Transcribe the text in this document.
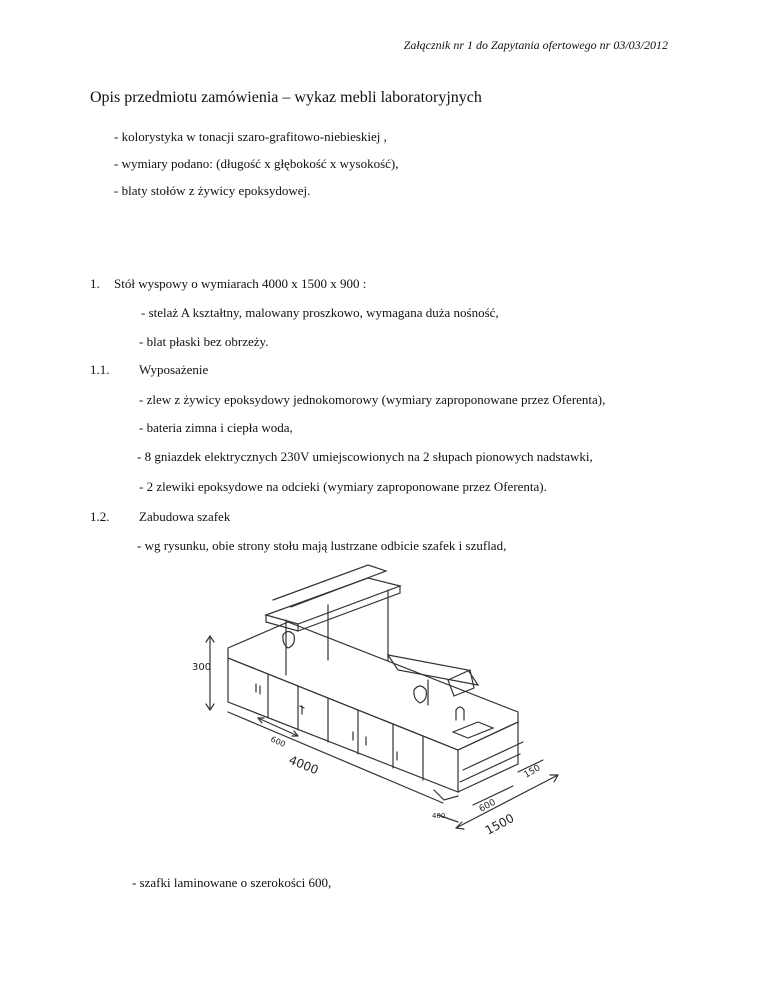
Załącznik nr 1 do Zapytania ofertowego nr 03/03/2012
Opis przedmiotu zamówienia – wykaz mebli laboratoryjnych
- kolorystyka w tonacji szaro-grafitowo-niebieskiej ,
- wymiary podano: (długość x głębokość x wysokość),
- blaty stołów z żywicy epoksydowej.
1. Stół wyspowy o wymiarach 4000 x 1500 x 900 :
- stelaż A kształtny, malowany proszkowo, wymagana duża nośność,
- blat płaski bez obrzeży.
1.1. Wyposażenie
- zlew z żywicy epoksydowy jednokomorowy (wymiary zaproponowane przez Oferenta),
- bateria zimna i ciepła woda,
- 8 gniazdek elektrycznych 230V umiejscowionych na 2 słupach pionowych nadstawki,
- 2 zlewiki epoksydowe na odcieki (wymiary zaproponowane przez Oferenta).
1.2. Zabudowa szafek
- wg rysunku, obie strony stołu mają lustrzane odbicie szafek i szuflad,
300
600
4000	150
600
400	1500
- szafki laminowane o szerokości 600,
